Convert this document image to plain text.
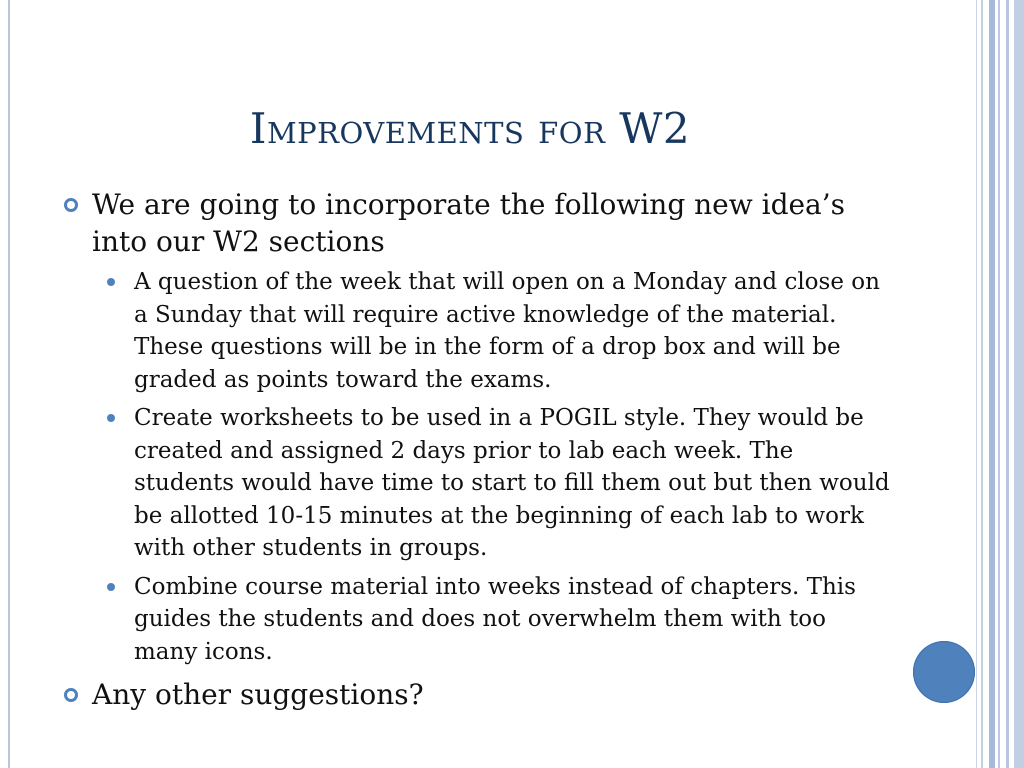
Improvements for W2
We are going to incorporate the following new idea’s into our W2 sections
A question of the week that will open on a Monday and close on a Sunday that will require active knowledge of the material. These questions will be in the form of a drop box and will be graded as points toward the exams.
Create worksheets to be used in a POGIL style. They would be created and assigned 2 days prior to lab each week. The students would have time to start to fill them out but then would be allotted 10-15 minutes at the beginning of each lab to work with other students in groups.
Combine course material into weeks instead of chapters. This guides the students and does not overwhelm them with too many icons.
Any other suggestions?
